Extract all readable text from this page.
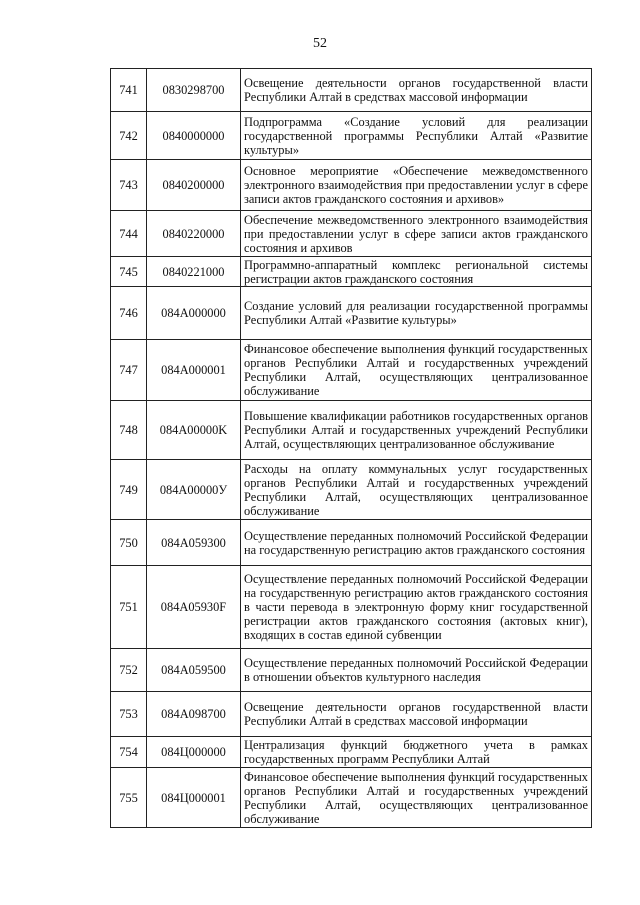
52
741	0830298700	Освещение деятельности органов государственной власти Республики Алтай в средствах массовой информации
742	0840000000	Подпрограмма «Создание условий для реализации государственной программы Республики Алтай «Развитие культуры»
743	0840200000	Основное мероприятие «Обеспечение межведомственного электронного взаимодействия при предоставлении услуг в сфере записи актов гражданского состояния и архивов»
744	0840220000	Обеспечение межведомственного электронного взаимодействия при предоставлении услуг в сфере записи актов гражданского состояния и архивов
745	0840221000	Программно-аппаратный комплекс региональной системы регистрации актов гражданского состояния
746	084A000000	Создание условий для реализации государственной программы Республики Алтай «Развитие культуры»
747	084A000001	Финансовое обеспечение выполнения функций государственных органов Республики Алтай и государственных учреждений Республики Алтай, осуществляющих централизованное обслуживание
748	084A00000K	Повышение квалификации работников государственных органов Республики Алтай и государственных учреждений Республики Алтай, осуществляющих централизованное обслуживание
749	084A00000У	Расходы на оплату коммунальных услуг государственных органов Республики Алтай и государственных учреждений Республики Алтай, осуществляющих централизованное обслуживание
750	084A059300	Осуществление переданных полномочий Российской Федерации на государственную регистрацию актов гражданского состояния
751	084A05930F	Осуществление переданных полномочий Российской Федерации на государственную регистрацию актов гражданского состояния в части перевода в электронную форму книг государственной регистрации актов гражданского состояния (актовых книг), входящих в состав единой субвенции
752	084A059500	Осуществление переданных полномочий Российской Федерации в отношении объектов культурного наследия
753	084A098700	Освещение деятельности органов государственной власти Республики Алтай в средствах массовой информации
754	084Ц000000	Централизация функций бюджетного учета в рамках государственных программ Республики Алтай
755	084Ц000001	Финансовое обеспечение выполнения функций государственных органов Республики Алтай и государственных учреждений Республики Алтай, осуществляющих централизованное обслуживание
